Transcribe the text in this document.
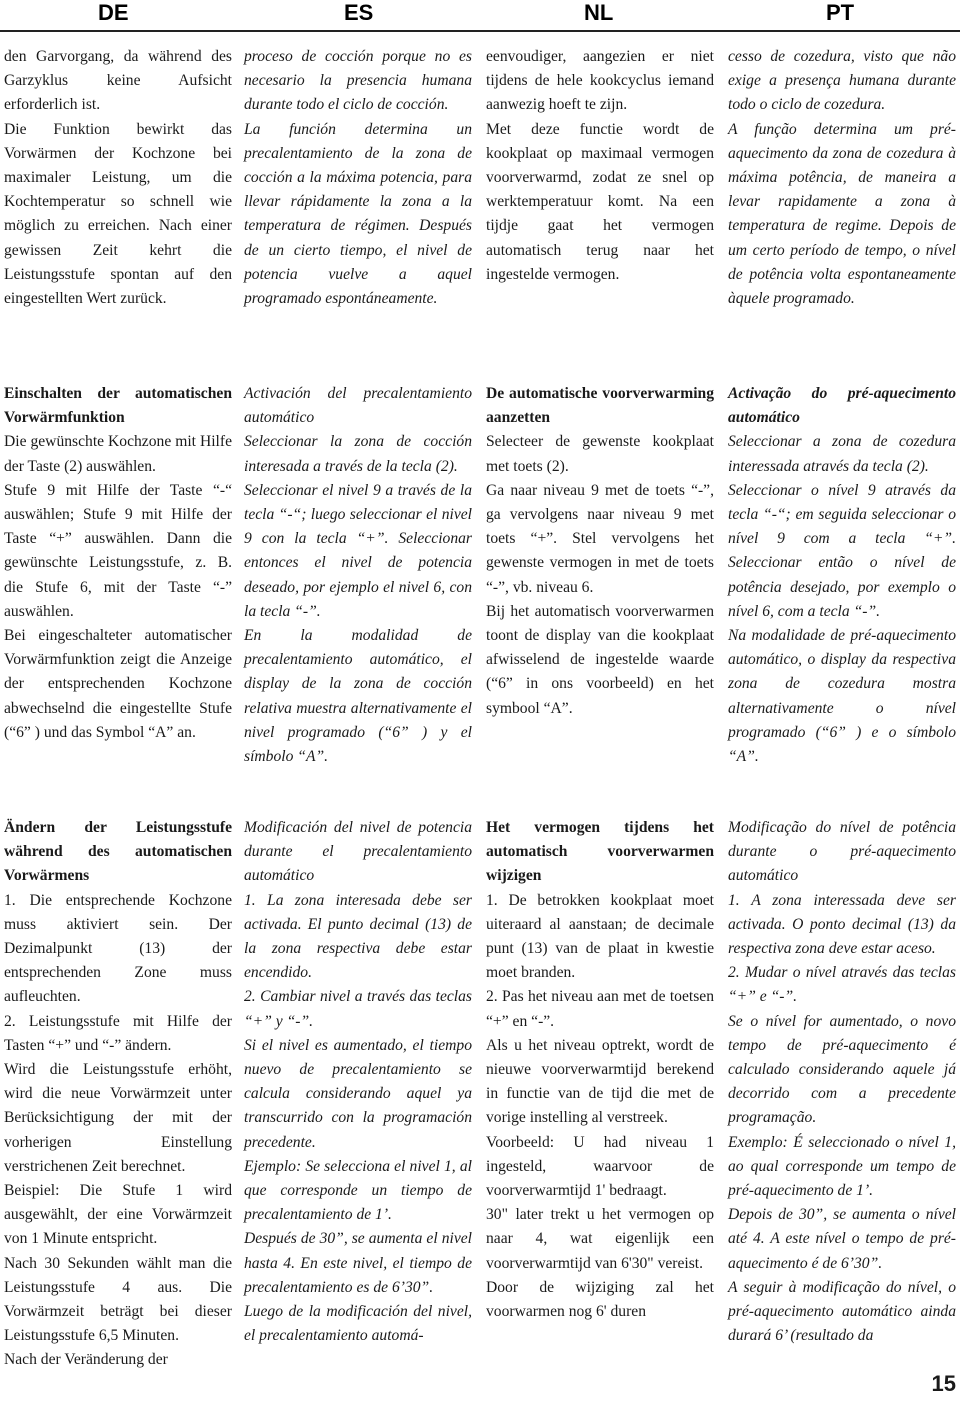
DE	ES	NL	PT

den Garvorgang, da während des Garzyklus keine Aufsicht erforderlich ist.

Die Funktion bewirkt das Vorwärmen der Kochzone bei maximaler Leistung, um die Kochtemperatur so schnell wie möglich zu erreichen. Nach einer gewissen Zeit kehrt die Leistungsstufe spontan auf den eingestellten Wert zurück.

Einschalten der automatischen Vorwärmfunktion

Die gewünschte Kochzone mit Hilfe der Taste (2) auswählen.

Stufe 9 mit Hilfe der Taste “-“ auswählen; Stufe 9 mit Hilfe der Taste “+” auswählen. Dann die gewünschte Leistungsstufe, z. B. die Stufe 6, mit der Taste “-” auswählen.

Bei eingeschalteter automatischer Vorwärmfunktion zeigt die Anzeige der entsprechenden Kochzone abwechselnd die eingestellte Stufe (“6” ) und das Symbol “A” an.

Ändern der Leistungsstufe während des automatischen Vorwärmens

1. Die entsprechende Kochzone muss aktiviert sein. Der Dezimalpunkt (13) der entsprechenden Zone muss aufleuchten.

2. Leistungsstufe mit Hilfe der Tasten “+” und “-” ändern.

Wird die Leistungsstufe erhöht, wird die neue Vorwärmzeit unter Berücksichtigung der mit der vorherigen Einstellung verstrichenen Zeit berechnet.

Beispiel: Die Stufe 1 wird ausgewählt, der eine Vorwärmzeit von 1 Minute entspricht.

Nach 30 Sekunden wählt man die Leistungsstufe 4 aus. Die Vorwärmzeit beträgt bei dieser Leistungsstufe 6,5 Minuten.

Nach der Veränderung der

proceso de cocción porque no es necesario la presencia humana durante todo el ciclo de cocción.

La función determina un precalentamiento de la zona de cocción a la máxima potencia, para llevar rápidamente la zona a la temperatura de régimen. Después de un cierto tiempo, el nivel de potencia vuelve a aquel programado espontáneamente.

Activación del precalentamiento automático

Seleccionar la zona de cocción interesada a través de la tecla (2).

Seleccionar el nivel 9 a través de la tecla “-“; luego seleccionar el nivel 9 con la tecla “+”. Seleccionar entonces el nivel de potencia deseado, por ejemplo el nivel 6, con la tecla “-”.

En la modalidad de precalentamiento automático, el display de la zona de cocción relativa muestra alternativamente el nivel programado (“6” ) y el símbolo “A”.

Modificación del nivel de potencia durante el precalentamiento automático

1. La zona interesada debe ser activada. El punto decimal (13) de la zona respectiva debe estar encendido.

2. Cambiar nivel a través das teclas “+” y “-”.

Si el nivel es aumentado, el tiempo nuevo de precalentamiento se calcula considerando aquel ya transcurrido con la programación precedente.

Ejemplo: Se selecciona el nivel 1, al que corresponde un tiempo de precalentamiento de 1’.

Después de 30”, se aumenta el nivel hasta 4. En este nivel, el tiempo de precalentamiento es de 6’30”.

Luego de la modificación del nivel, el precalentamiento automá-

eenvoudiger, aangezien er niet tijdens de hele kookcyclus iemand aanwezig hoeft te zijn.

Met deze functie wordt de kookplaat op maximaal vermogen voorverwarmd, zodat ze snel op werktemperatuur komt. Na een tijdje gaat het vermogen automatisch terug naar het ingestelde vermogen.

De automatische voorverwarming aanzetten

Selecteer de gewenste kookplaat met toets (2).

Ga naar niveau 9 met de toets “-”, ga vervolgens naar niveau 9 met toets “+”. Stel vervolgens het gewenste vermogen in met de toets “-”, vb. niveau 6.

Bij het automatisch voorverwarmen toont de display van die kookplaat afwisselend de ingestelde waarde (“6” in ons voorbeeld) en het symbool “A”.

Het vermogen tijdens het automatisch voorverwarmen wijzigen

1. De betrokken kookplaat moet uiteraard al aanstaan; de decimale punt (13) van de plaat in kwestie moet branden.

2. Pas het niveau aan met de toetsen “+” en “-”.

Als u het niveau optrekt, wordt de nieuwe voorverwarmtijd berekend in functie van de tijd die met de vorige instelling al verstreek.

Voorbeeld: U had niveau 1 ingesteld, waarvoor de voorverwarmtijd 1' bedraagt.

30" later trekt u het vermogen op naar 4, wat eigenlijk een voorverwarmtijd van 6'30" vereist.

Door de wijziging zal het voorwarmen nog 6' duren

cesso de cozedura, visto que não exige a presença humana durante todo o ciclo de cozedura.

A função determina um pré-aquecimento da zona de cozedura à máxima potência, de maneira a levar rapidamente a zona à temperatura de regime. Depois de um certo período de tempo, o nível de potência volta espontaneamente àquele programado.

Activação do pré-aquecimento automático

Seleccionar a zona de cozedura interessada através da tecla (2).

Seleccionar o nível 9 através da tecla “-“; em seguida seleccionar o nível 9 com a tecla “+”. Seleccionar então o nível de potência desejado, por exemplo o nível 6, com a tecla “-”.

Na modalidade de pré-aquecimento automático, o display da respectiva zona de cozedura mostra alternativamente o nível programado (“6” ) e o símbolo “A”.

Modificação do nível de potência durante o pré-aquecimento automático

1. A zona interessada deve ser activada. O ponto decimal (13) da respectiva zona deve estar aceso.

2. Mudar o nível através das teclas “+” e “-”.

Se o nível for aumentado, o novo tempo de pré-aquecimento é calculado considerando aquele já decorrido com a precedente programação.

Exemplo: É seleccionado o nível 1, ao qual corresponde um tempo de pré-aquecimento de 1’.

Depois de 30”, se aumenta o nível até 4. A este nível o tempo de pré-aquecimento é de 6’30”.

A seguir à modificação do nível, o pré-aquecimento automático ainda durará 6’ (resultado da

15
